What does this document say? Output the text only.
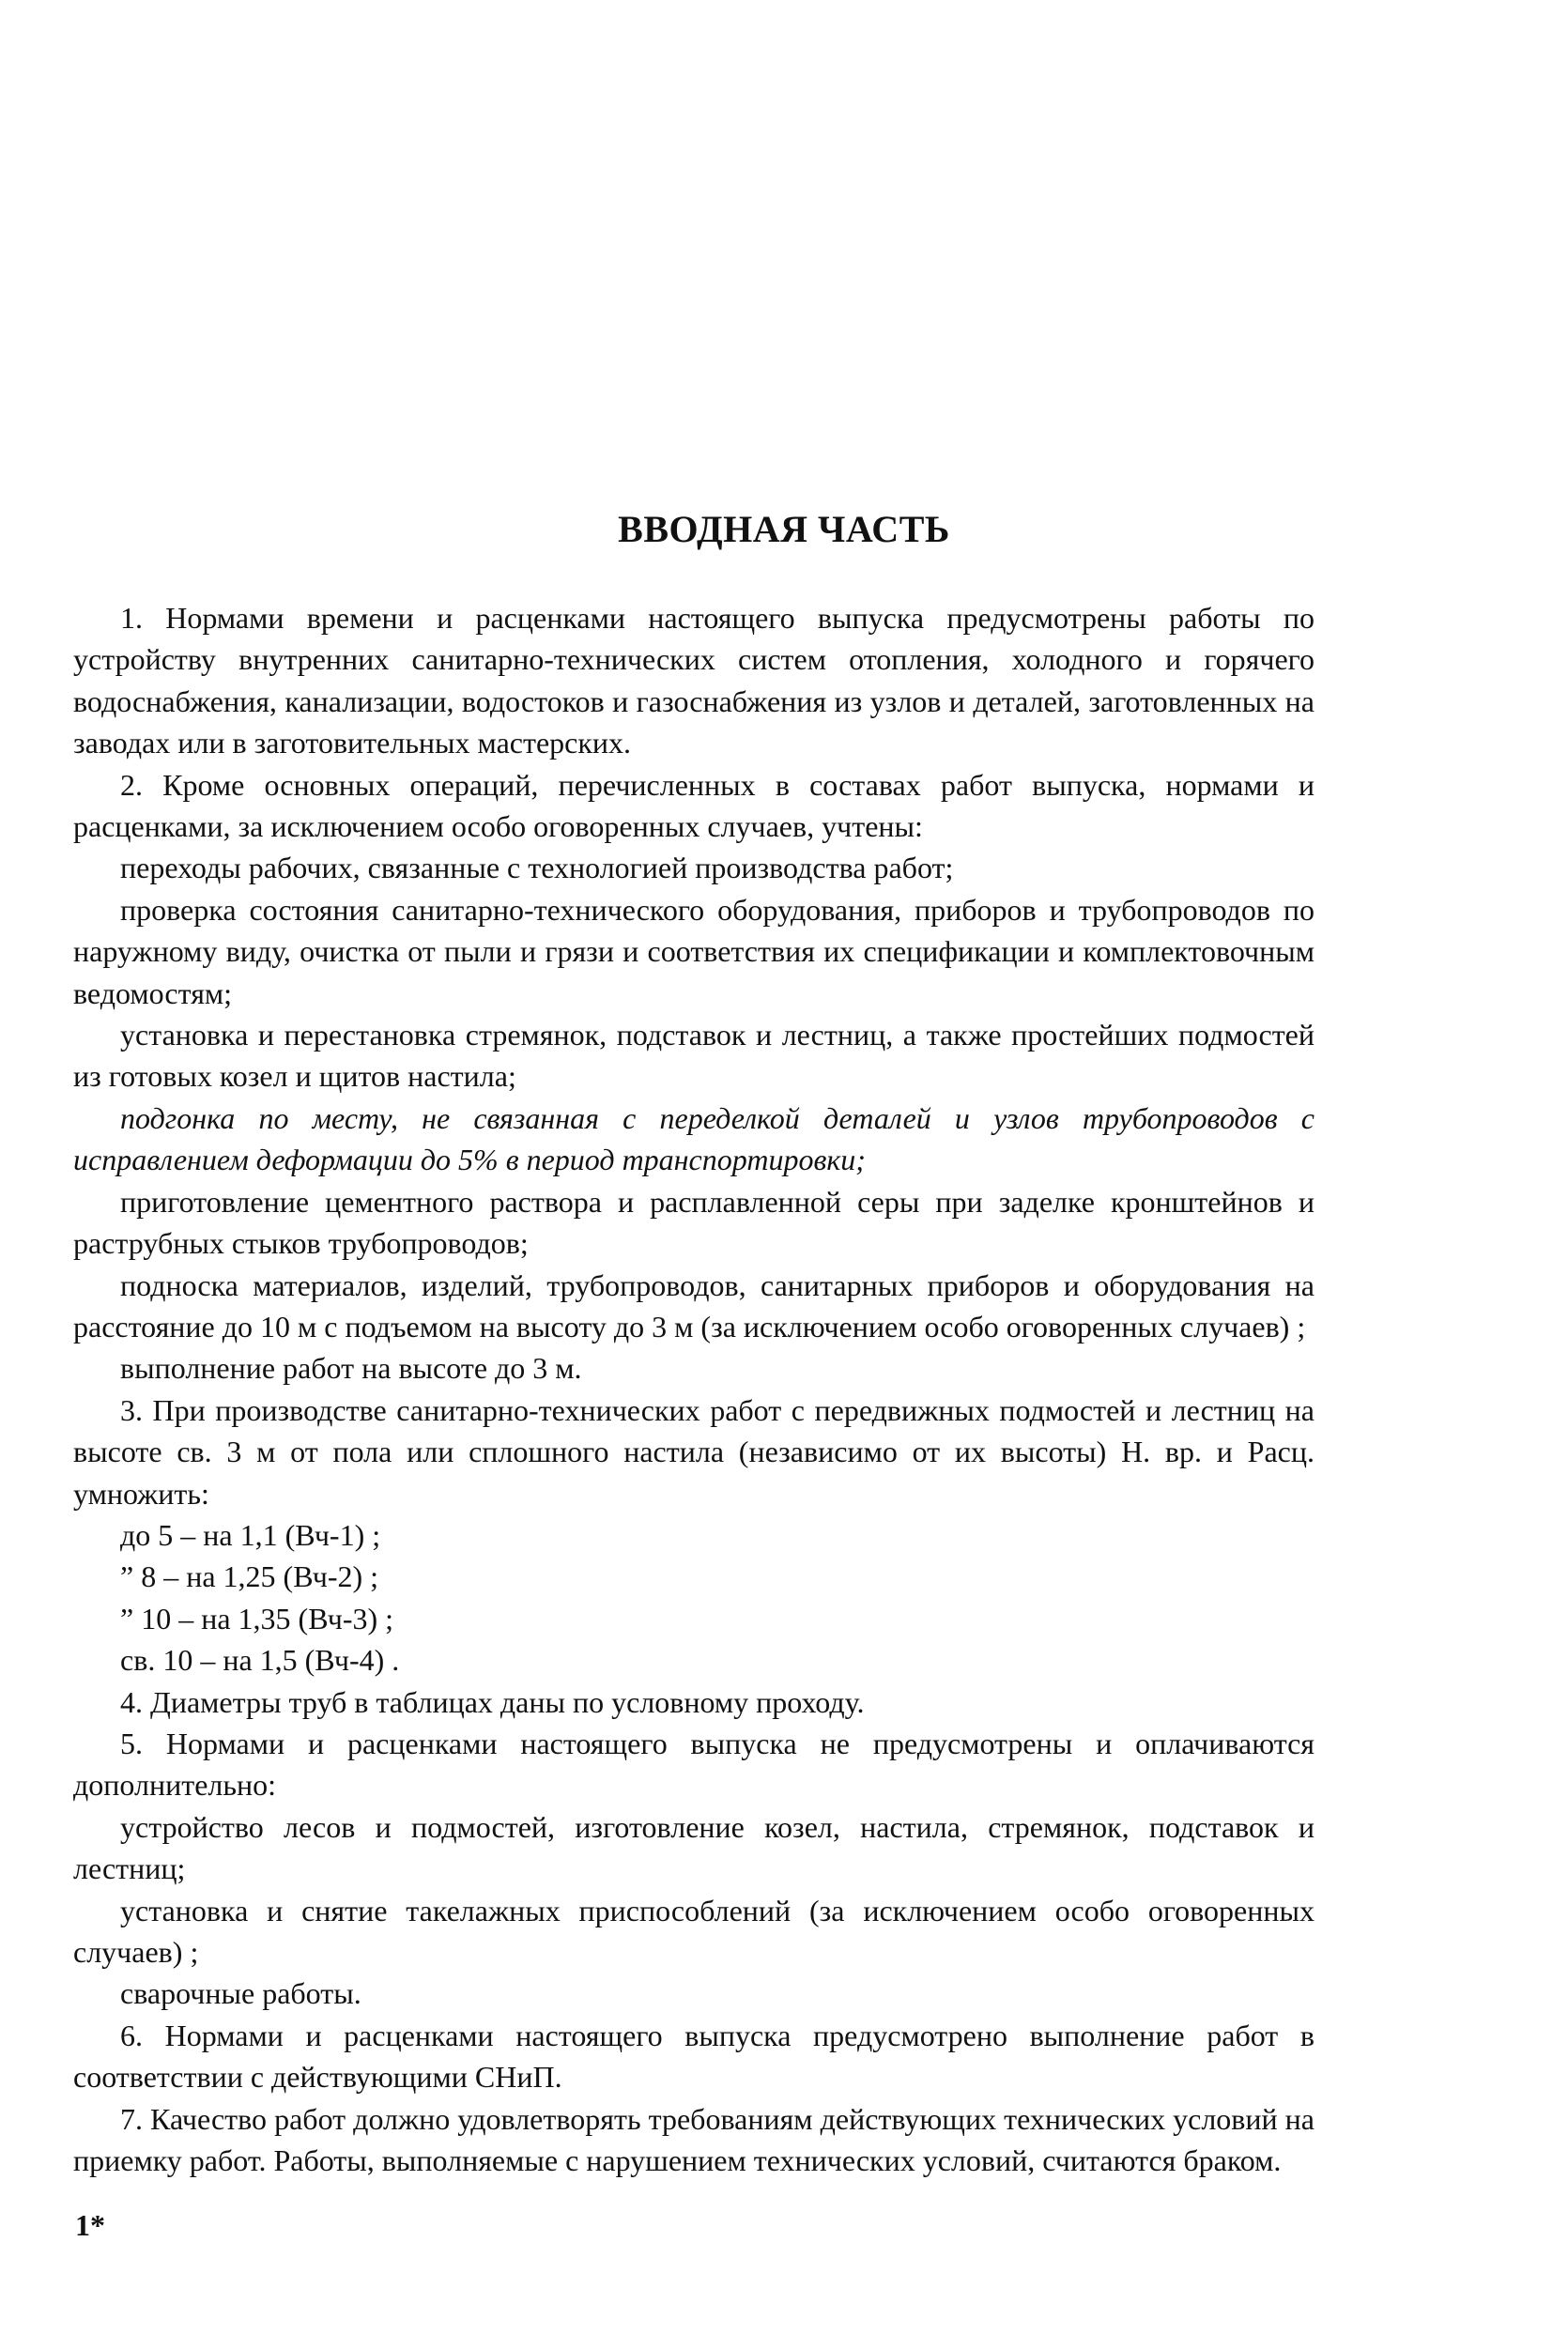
ВВОДНАЯ ЧАСТЬ

1. Нормами времени и расценками настоящего выпуска предусмотрены работы по устройству внутренних санитарно-технических систем отопления, холодного и горячего водоснабжения, канализации, водостоков и газоснабжения из узлов и деталей, заготовленных на заводах или в заготовительных мастерских.

2. Кроме основных операций, перечисленных в составах работ выпуска, нормами и расценками, за исключением особо оговоренных случаев, учтены:

переходы рабочих, связанные с технологией производства работ;

проверка состояния санитарно-технического оборудования, приборов и трубопроводов по наружному виду, очистка от пыли и грязи и соответствия их спецификации и комплектовочным ведомостям;

установка и перестановка стремянок, подставок и лестниц, а также простейших подмостей из готовых козел и щитов настила;

подгонка по месту, не связанная с переделкой деталей и узлов трубопроводов с исправлением деформации до 5% в период транспортировки;

приготовление цементного раствора и расплавленной серы при заделке кронштейнов и раструбных стыков трубопроводов;

подноска материалов, изделий, трубопроводов, санитарных приборов и оборудования на расстояние до 10 м с подъемом на высоту до 3 м (за исключением особо оговоренных случаев) ;

выполнение работ на высоте до 3 м.

3. При производстве санитарно-технических работ с передвижных подмостей и лестниц на высоте св. 3 м от пола или сплошного настила (независимо от их высоты) Н. вр. и Расц. умножить:

до 5 – на 1,1 (Вч-1) ;

” 8 – на 1,25 (Вч-2) ;

” 10 – на 1,35 (Вч-3) ;

св. 10 – на 1,5 (Вч-4) .

4. Диаметры труб в таблицах даны по условному проходу.

5. Нормами и расценками настоящего выпуска не предусмотрены и оплачиваются дополнительно:

устройство лесов и подмостей, изготовление козел, настила, стремянок, подставок и лестниц;

установка и снятие такелажных приспособлений (за исключением особо оговоренных случаев) ;

сварочные работы.

6. Нормами и расценками настоящего выпуска предусмотрено выполнение работ в соответствии с действующими СНиП.

7. Качество работ должно удовлетворять требованиям действующих технических условий на приемку работ. Работы, выполняемые с нарушением технических условий, считаются браком.

1*
